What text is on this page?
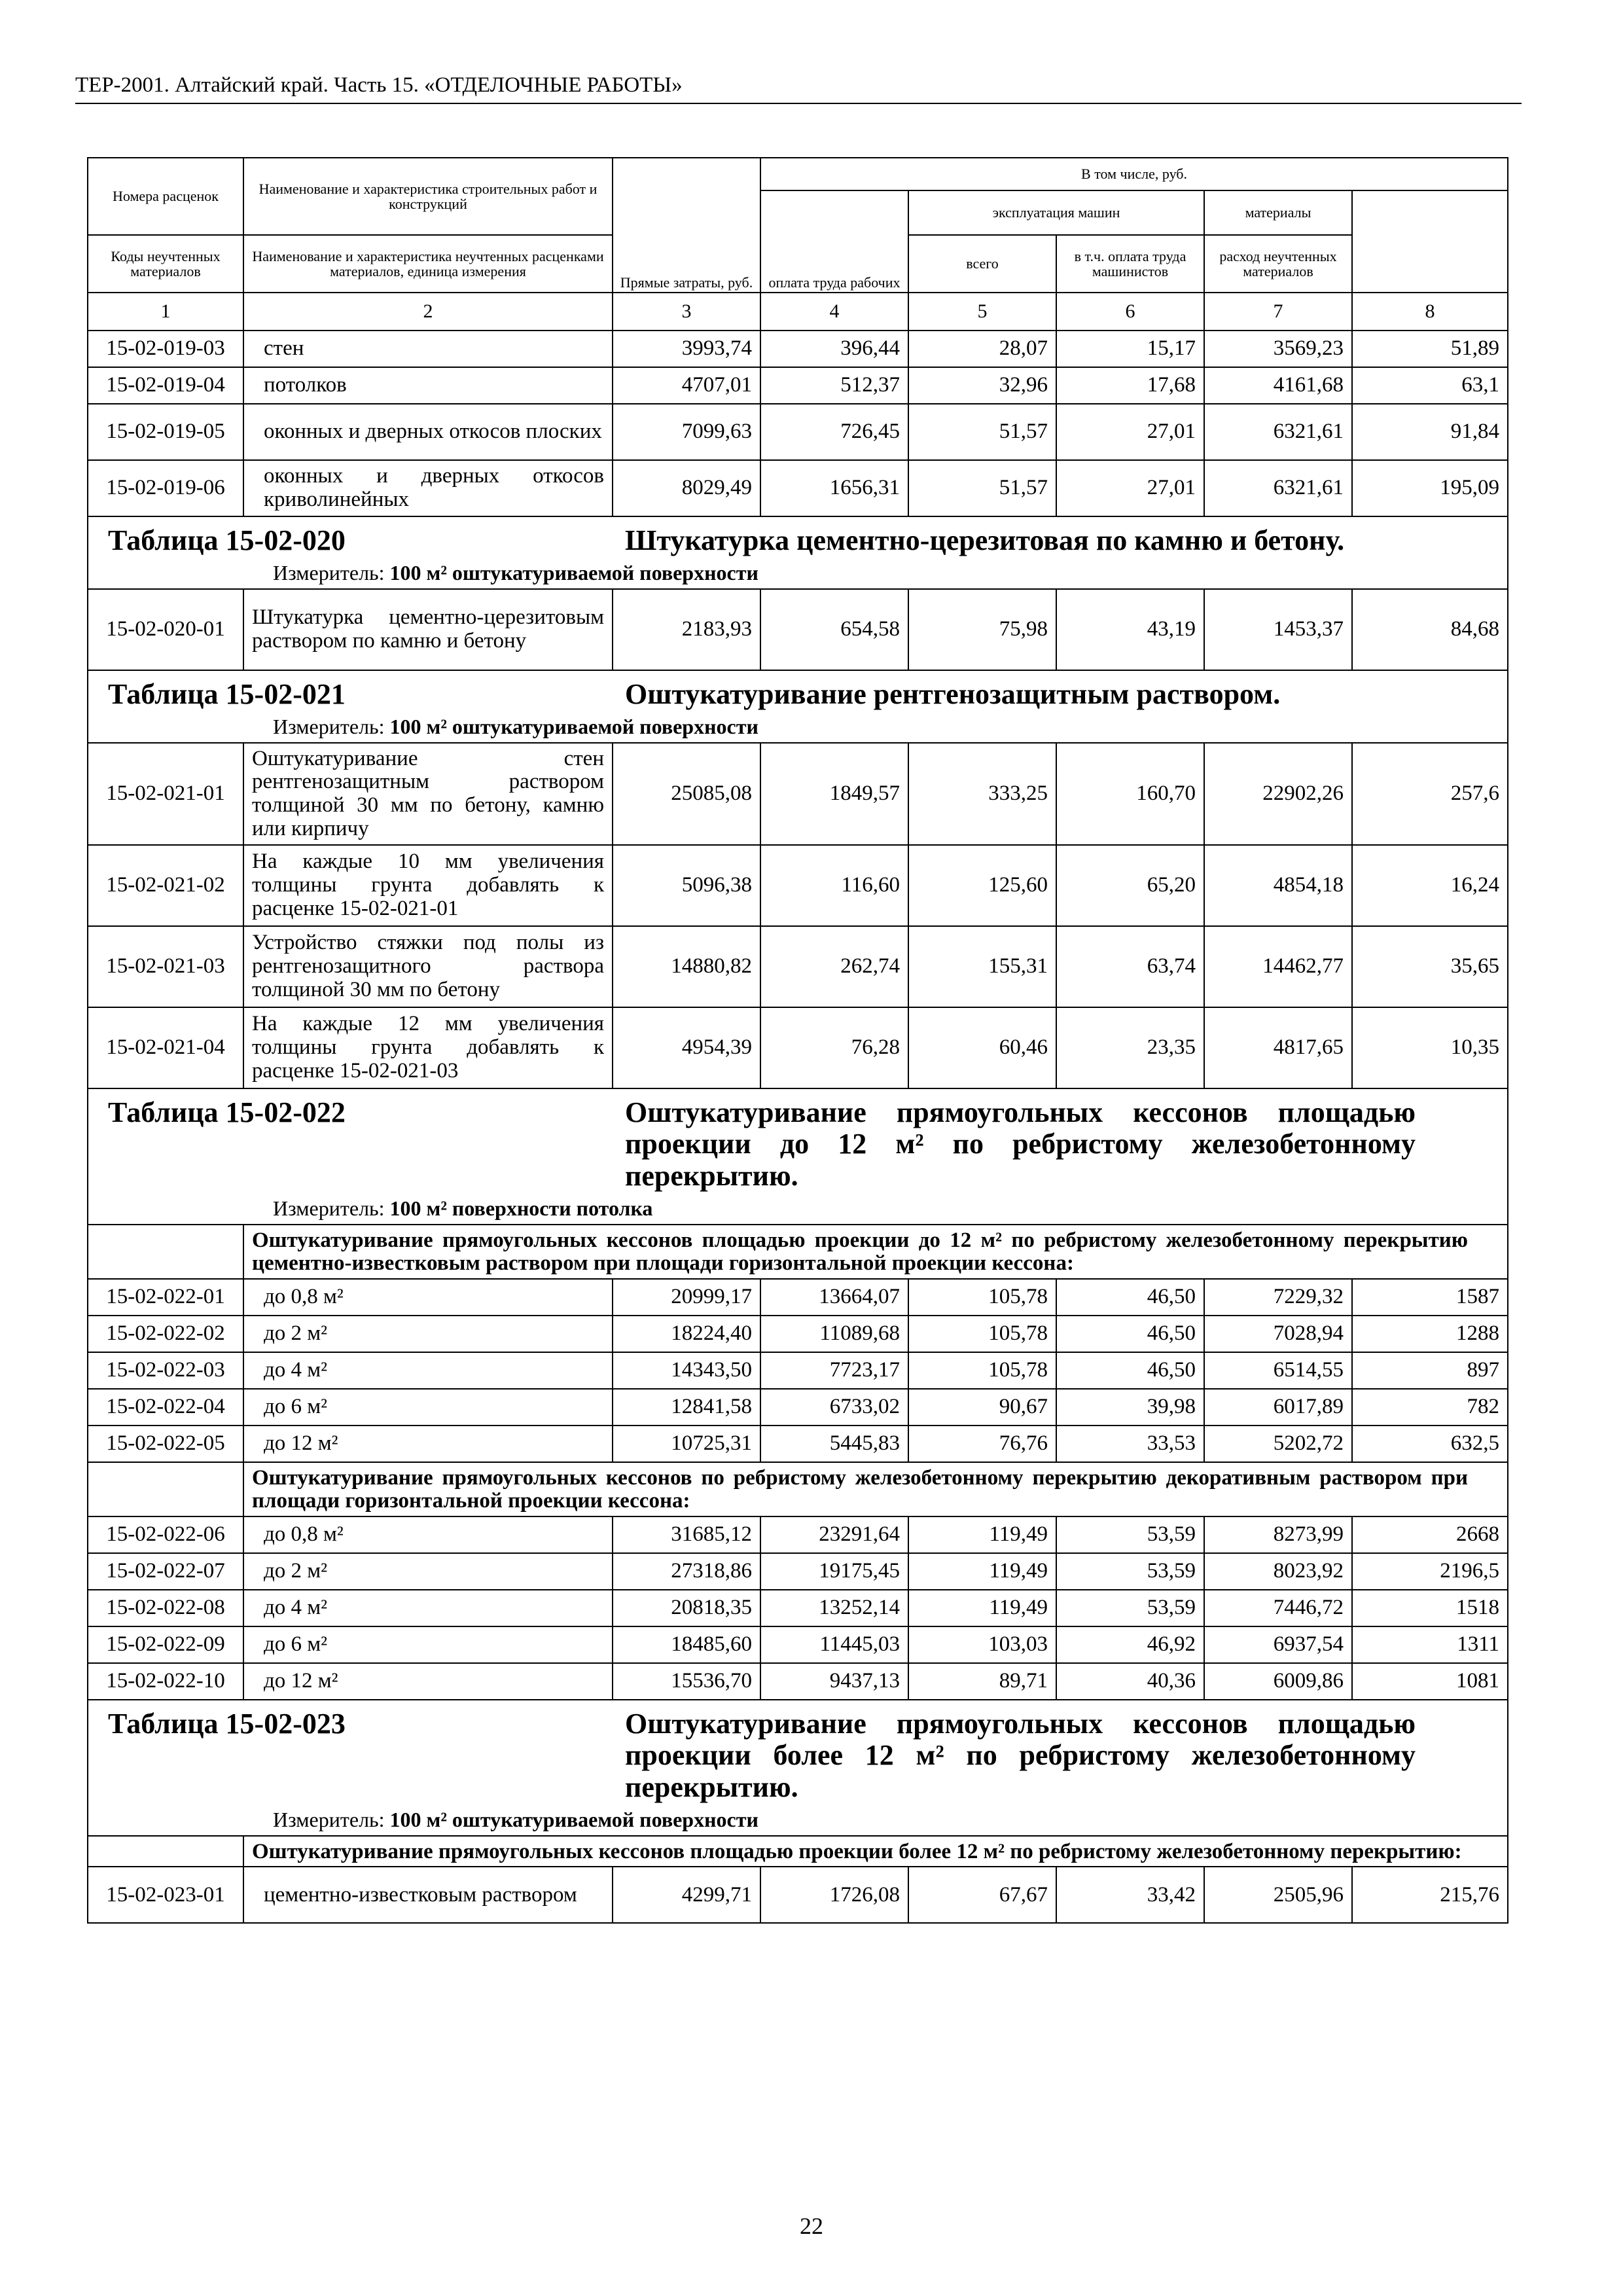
ТЕР-2001. Алтайский край. Часть 15. «ОТДЕЛОЧНЫЕ РАБОТЫ»
Номера расценок	Наименование и характеристика строительных работ и конструкций	Прямые затраты, руб.	В том числе, руб.	
			оплата труда рабочих	эксплуатация машин		материалы		

Коды неучтенных материалов	Наименование и характеристика неучтенных расценками материалов, единица измерения			всего	в т.ч. оплата труда машинистов	расход неучтенных материалов		

1	2	3	4	5	6	7	8	
15-02-019-03	стен	3993,74	396,44	28,07	15,17	3569,23	51,89	
15-02-019-04	потолков	4707,01	512,37	32,96	17,68	4161,68	63,1	
15-02-019-05	оконных и дверных откосов плоских	7099,63	726,45	51,57	27,01	6321,61	91,84	
15-02-019-06	оконных и дверных откосов криволинейных	8029,49	1656,31	51,57	27,01	6321,61	195,09	

Таблица 15-02-020 Штукатурка цементно-церезитовая по камню и бетону.
Измеритель: 100 м² оштукатуриваемой поверхности								

15-02-020-01	Штукатурка цементно-церезитовым раствором по камню и бетону	2183,93	654,58	75,98	43,19	1453,37	84,68	

Таблица 15-02-021 Оштукатуривание рентгенозащитным раствором.
Измеритель: 100 м² оштукатуриваемой поверхности								

15-02-021-01	Оштукатуривание стен рентгенозащитным раствором толщиной 30 мм по бетону, камню или кирпичу	25085,08	1849,57	333,25	160,70	22902,26	257,6	
15-02-021-02	На каждые 10 мм увеличения толщины грунта добавлять к расценке 15-02-021-01	5096,38	116,60	125,60	65,20	4854,18	16,24	
15-02-021-03	Устройство стяжки под полы из рентгенозащитного раствора толщиной 30 мм по бетону	14880,82	262,74	155,31	63,74	14462,77	35,65	
15-02-021-04	На каждые 12 мм увеличения толщины грунта добавлять к расценке 15-02-021-03	4954,39	76,28	60,46	23,35	4817,65	10,35	

Таблица 15-02-022 Оштукатуривание прямоугольных кессонов площадью проекции до 12 м² по ребристому железобетонному перекрытию.
Измеритель: 100 м² поверхности потолка								

	Оштукатуривание прямоугольных кессонов площадью проекции до 12 м² по ребристому железобетонному перекрытию цементно-известковым раствором при площади горизонтальной проекции кессона:							
15-02-022-01	до 0,8 м²	20999,17	13664,07	105,78	46,50	7229,32	1587	
15-02-022-02	до 2 м²	18224,40	11089,68	105,78	46,50	7028,94	1288	
15-02-022-03	до 4 м²	14343,50	7723,17	105,78	46,50	6514,55	897	
15-02-022-04	до 6 м²	12841,58	6733,02	90,67	39,98	6017,89	782	
15-02-022-05	до 12 м²	10725,31	5445,83	76,76	33,53	5202,72	632,5	
	Оштукатуривание прямоугольных кессонов по ребристому железобетонному перекрытию декоративным раствором при площади горизонтальной проекции кессона:							
15-02-022-06	до 0,8 м²	31685,12	23291,64	119,49	53,59	8273,99	2668	
15-02-022-07	до 2 м²	27318,86	19175,45	119,49	53,59	8023,92	2196,5	
15-02-022-08	до 4 м²	20818,35	13252,14	119,49	53,59	7446,72	1518	
15-02-022-09	до 6 м²	18485,60	11445,03	103,03	46,92	6937,54	1311	
15-02-022-10	до 12 м²	15536,70	9437,13	89,71	40,36	6009,86	1081	

Таблица 15-02-023 Оштукатуривание прямоугольных кессонов площадью проекции более 12 м² по ребристому железобетонному перекрытию.
Измеритель: 100 м² оштукатуриваемой поверхности								

	Оштукатуривание прямоугольных кессонов площадью проекции более 12 м² по ребристому железобетонному перекрытию:							
15-02-023-01	цементно-известковым раствором	4299,71	1726,08	67,67	33,42	2505,96	215,76	
22
